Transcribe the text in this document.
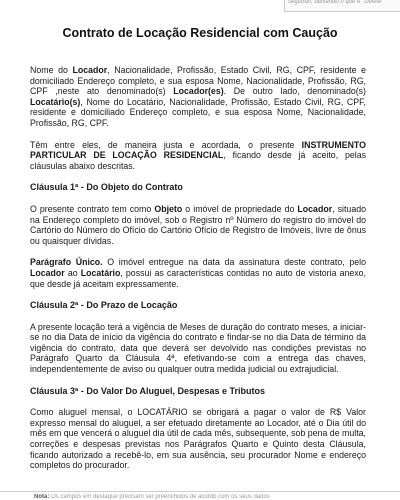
segundo, deixando o que é "Delete"
Contrato de Locação Residencial com Caução

Nome do Locador, Nacionalidade, Profissão, Estado Civil, RG, CPF, residente e domiciliado Endereço completo, e sua esposa Nome, Nacionalidade, Profissão, RG, CPF ,neste ato denominado(s) Locador(es). De outro lado, denominado(s) Locatário(s), Nome do Locatário, Nacionalidade, Profissão, Estado Civil, RG, CPF, residente e domiciliado Endereço completo, e sua esposa Nome, Nacionalidade, Profissão, RG, CPF.

Têm entre eles, de maneira justa e acordada, o presente INSTRUMENTO PARTICULAR DE LOCAÇÃO RESIDENCIAL, ficando desde já aceito, pelas cláusulas abaixo descritas.

Cláusula 1ª - Do Objeto do Contrato

O presente contrato tem como Objeto o imóvel de propriedade do Locador, situado na Endereço completo do imóvel, sob o Registro nº Número do registro do imóvel do Cartório do Número do Ofício do Cartório Ofício de Registro de Imóveis, livre de ônus ou quaisquer dívidas.

Parágrafo Único. O imóvel entregue na data da assinatura deste contrato, pelo Locador ao Locatário, possui as características contidas no auto de vistoria anexo, que desde já aceitam expressamente.

Cláusula 2ª - Do Prazo de Locação

A presente locação terá a vigência de Meses de duração do contrato meses, a iniciar-se no dia Data de início da vigência do contrato e findar-se no dia Data de término da vigência do contrato, data que deverá ser devolvido nas condições previstas no Parágrafo Quarto da Cláusula 4ª, efetivando-se com a entrega das chaves, independentemente de aviso ou qualquer outra medida judicial ou extrajudicial.

Cláusula 3ª - Do Valor Do Aluguel, Despesas e Tributos

Como aluguel mensal, o LOCATÁRIO se obrigará a pagar o valor de R$ Valor expresso mensal do aluguel, a ser efetuado diretamente ao Locador, até o Dia útil do mês em que vencerá o aluguel dia útil de cada mês, subsequente, sob pena de multa, correções e despesas previstas nos Parágrafos Quarto e Quinto desta Cláusula, ficando autorizado a recebê-lo, em sua ausência, seu procurador Nome e endereço completos do procurador.

Nota: Os campos em destaque precisam ser preenchidos de acordo com os seus dados
